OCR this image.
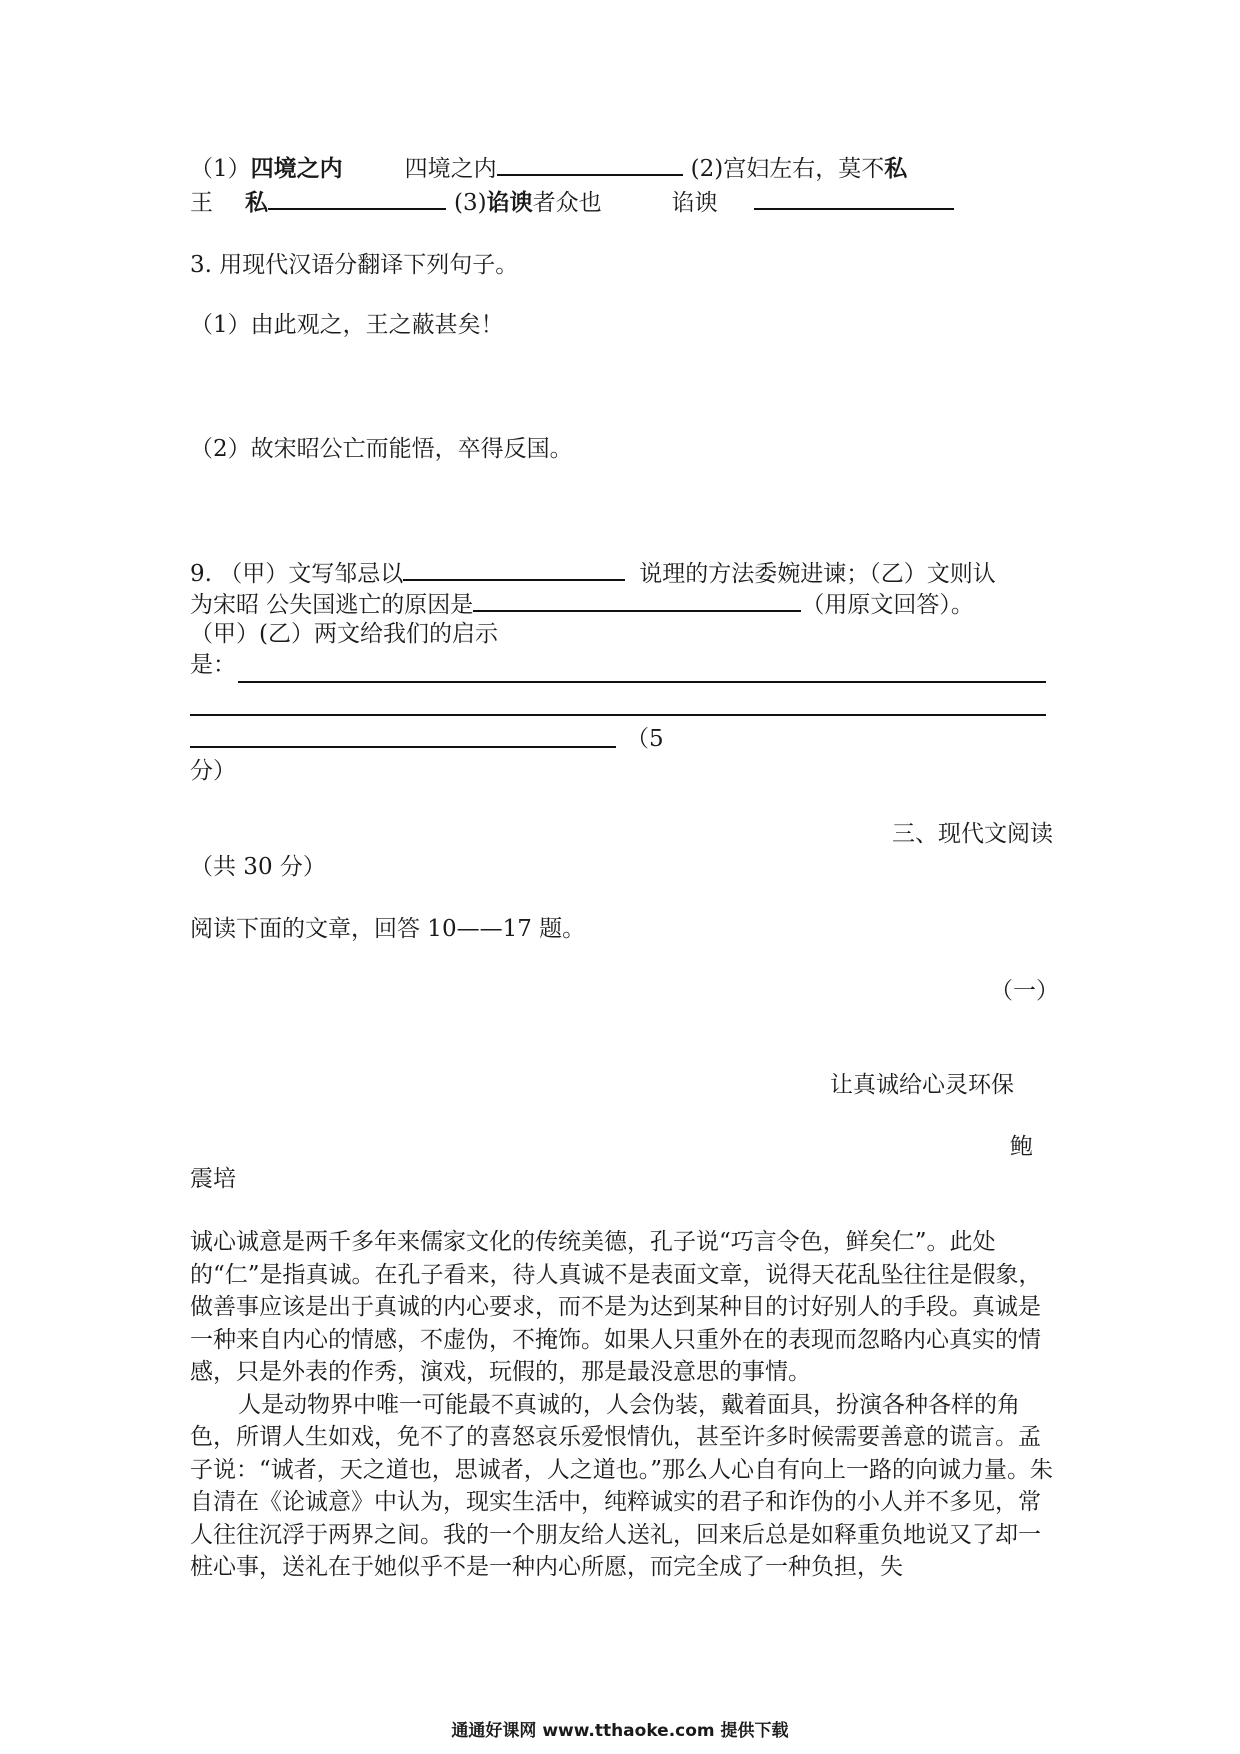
（1）四境之内	四境之内	(2)宫妇左右，莫不私
王 私	(3)谄谀者众也	谄谀
3. 用现代汉语分翻译下列句子。
（1）由此观之，王之蔽甚矣！
（2）故宋昭公亡而能悟，卒得反国。
9. （甲）文写邹忌以	说理的方法委婉进谏；（乙）文则认
为宋昭 公失国逃亡的原因是	（用原文回答）。
（甲）(乙）两文给我们的启示
是：
（5
分）
三、现代文阅读
（共 30 分）
阅读下面的文章，回答 10——17 题。
（一）
让真诚给心灵环保
鲍
震培

诚心诚意是两千多年来儒家文化的传统美德，孔子说“巧言令色，鲜矣仁”。此处的“仁”是指真诚。在孔子看来，待人真诚不是表面文章，说得天花乱坠往往是假象，做善事应该是出于真诚的内心要求，而不是为达到某种目的讨好别人的手段。真诚是一种来自内心的情感，不虚伪，不掩饰。如果人只重外在的表现而忽略内心真实的情感，只是外表的作秀，演戏，玩假的，那是最没意思的事情。

人是动物界中唯一可能最不真诚的，人会伪装，戴着面具，扮演各种各样的角色，所谓人生如戏，免不了的喜怒哀乐爱恨情仇，甚至许多时候需要善意的谎言。孟子说：“诚者，天之道也，思诚者，人之道也。”那么人心自有向上一路的向诚力量。朱自清在《论诚意》中认为，现实生活中，纯粹诚实的君子和诈伪的小人并不多见，常人往往沉浮于两界之间。我的一个朋友给人送礼，回来后总是如释重负地说又了却一桩心事，送礼在于她似乎不是一种内心所愿，而完全成了一种负担，失

通通好课网 www.tthaoke.com 提供下载
